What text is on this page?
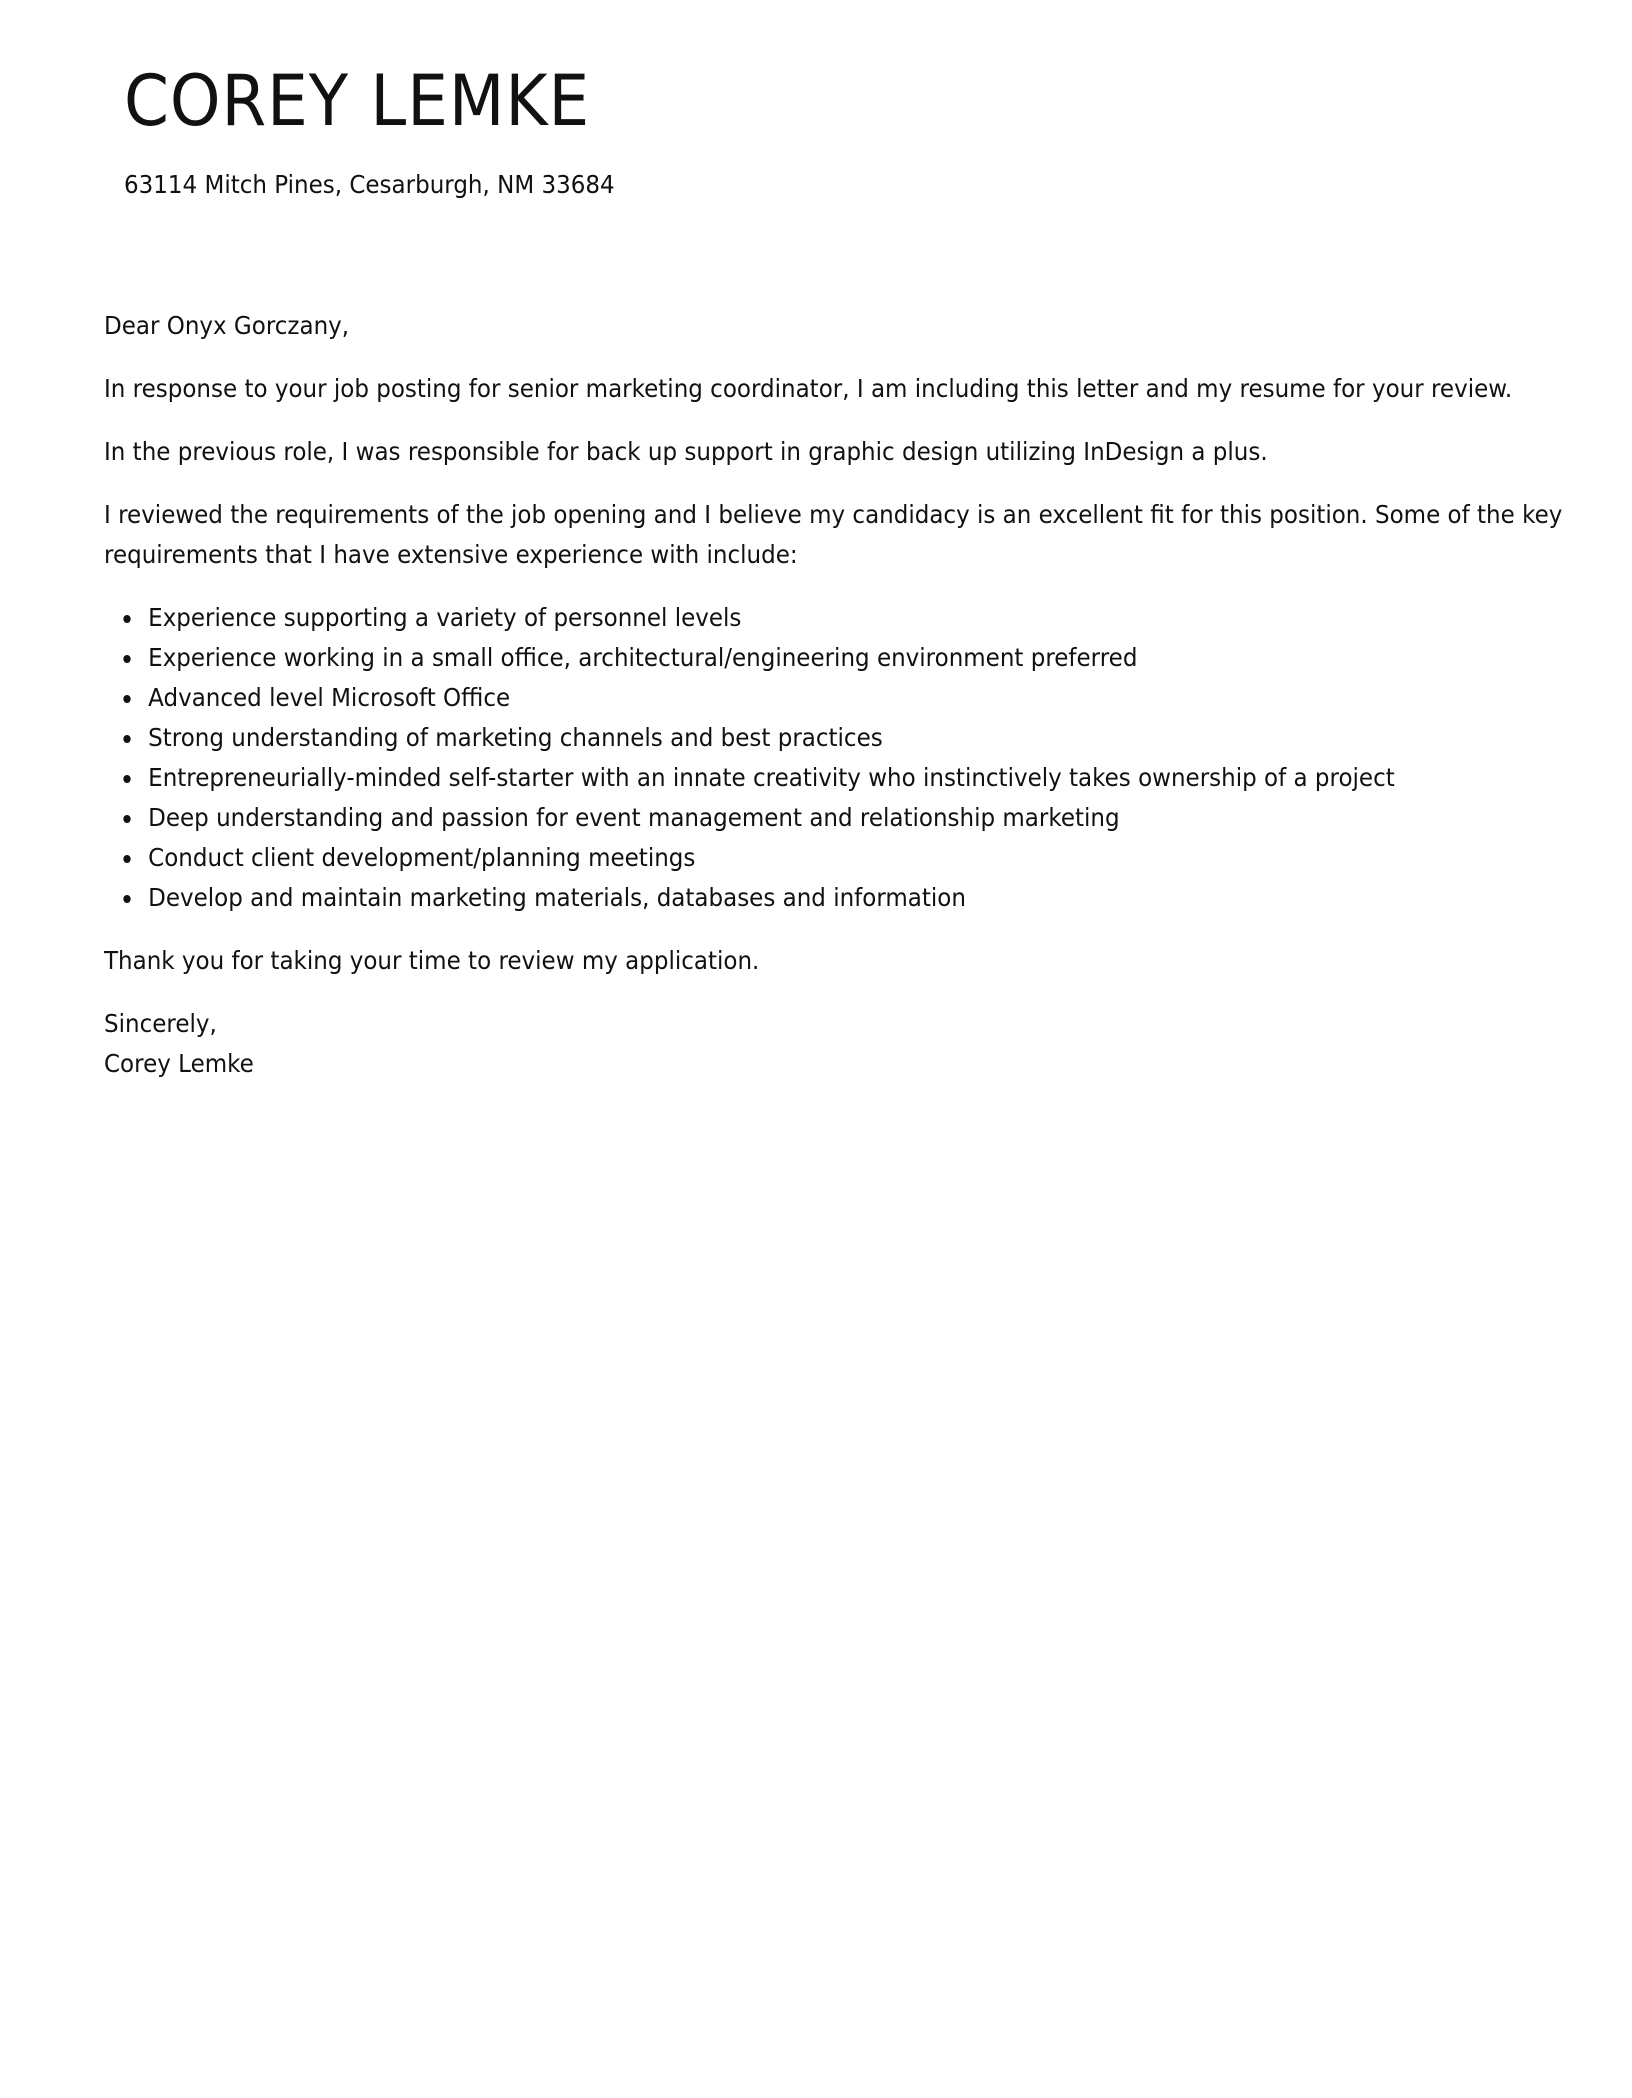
COREY LEMKE
63114 Mitch Pines, Cesarburgh, NM 33684

Dear Onyx Gorczany,

In response to your job posting for senior marketing coordinator, I am including this letter and my resume for your review.

In the previous role, I was responsible for back up support in graphic design utilizing InDesign a plus.

I reviewed the requirements of the job opening and I believe my candidacy is an excellent fit for this position. Some of the key requirements that I have extensive experience with include:

Experience supporting a variety of personnel levels
Experience working in a small office, architectural/engineering environment preferred
Advanced level Microsoft Office
Strong understanding of marketing channels and best practices
Entrepreneurially-minded self-starter with an innate creativity who instinctively takes ownership of a project
Deep understanding and passion for event management and relationship marketing
Conduct client development/planning meetings
Develop and maintain marketing materials, databases and information

Thank you for taking your time to review my application.

Sincerely,
Corey Lemke
